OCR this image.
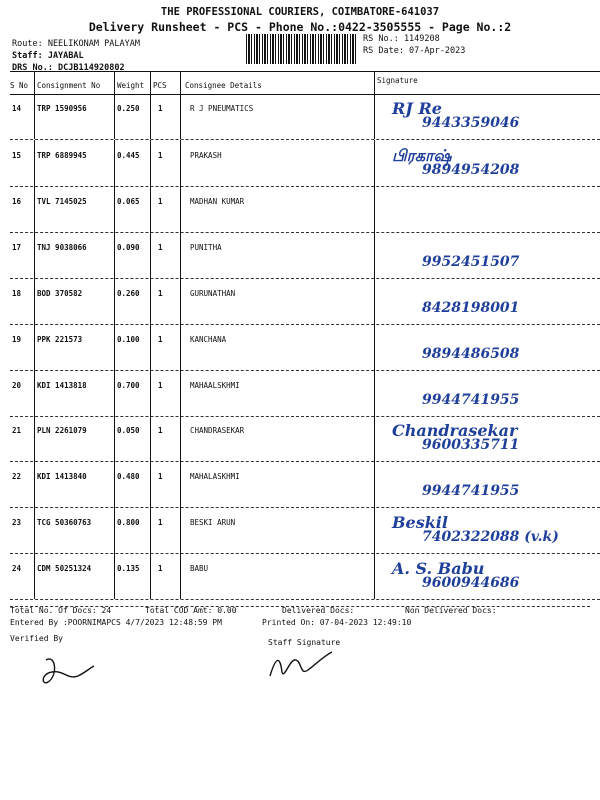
THE PROFESSIONAL COURIERS, COIMBATORE-641037
Delivery Runsheet - PCS - Phone No.:0422-3505555 - Page No.:2
Route: NEELIKONAM PALAYAM
Staff: JAYABAL
DRS No.: DCJB114920802
RS No.: 1149208
RS Date: 07-Apr-2023
S No Consignment No Weight PCS Consignee Details
Signature
14 TRP 1590956	0.250 1	R J PNEUMATICS	RJ Re
9443359046
15 TRP 6889945	0.445 1	PRAKASH	பிரகாஷ்
9894954208
16 TVL 7145025	0.065 1	MADHAN KUMAR
17 TNJ 9038066	0.090 1	PUNITHA
9952451507
18 BOD 370582	0.260 1	GURUNATHAN
8428198001
19 PPK 221573	0.100 1	KANCHANA
9894486508
20 KDI 1413818	0.700 1	MAHAALSKHMI
9944741955
21 PLN 2261079	0.050 1	CHANDRASEKAR	Chandrasekar
9600335711
22 KDI 1413840	0.480 1	MAHALASKHMI
9944741955
23 TCG 50360763	0.800 1	BESKI ARUN	Beskil
7402322088 (v.k)
24 CDM 50251324	0.135 1	BABU	A. S. Babu
9600944686
Total No. Of Docs: 24	Total COD Amt: 0.00	Delivered Docs:	Non Delivered Docs:
Entered By :POORNIMAPCS 4/7/2023 12:48:59 PM	Printed On: 07-04-2023 12:49:10
Verified By	Staff Signature
